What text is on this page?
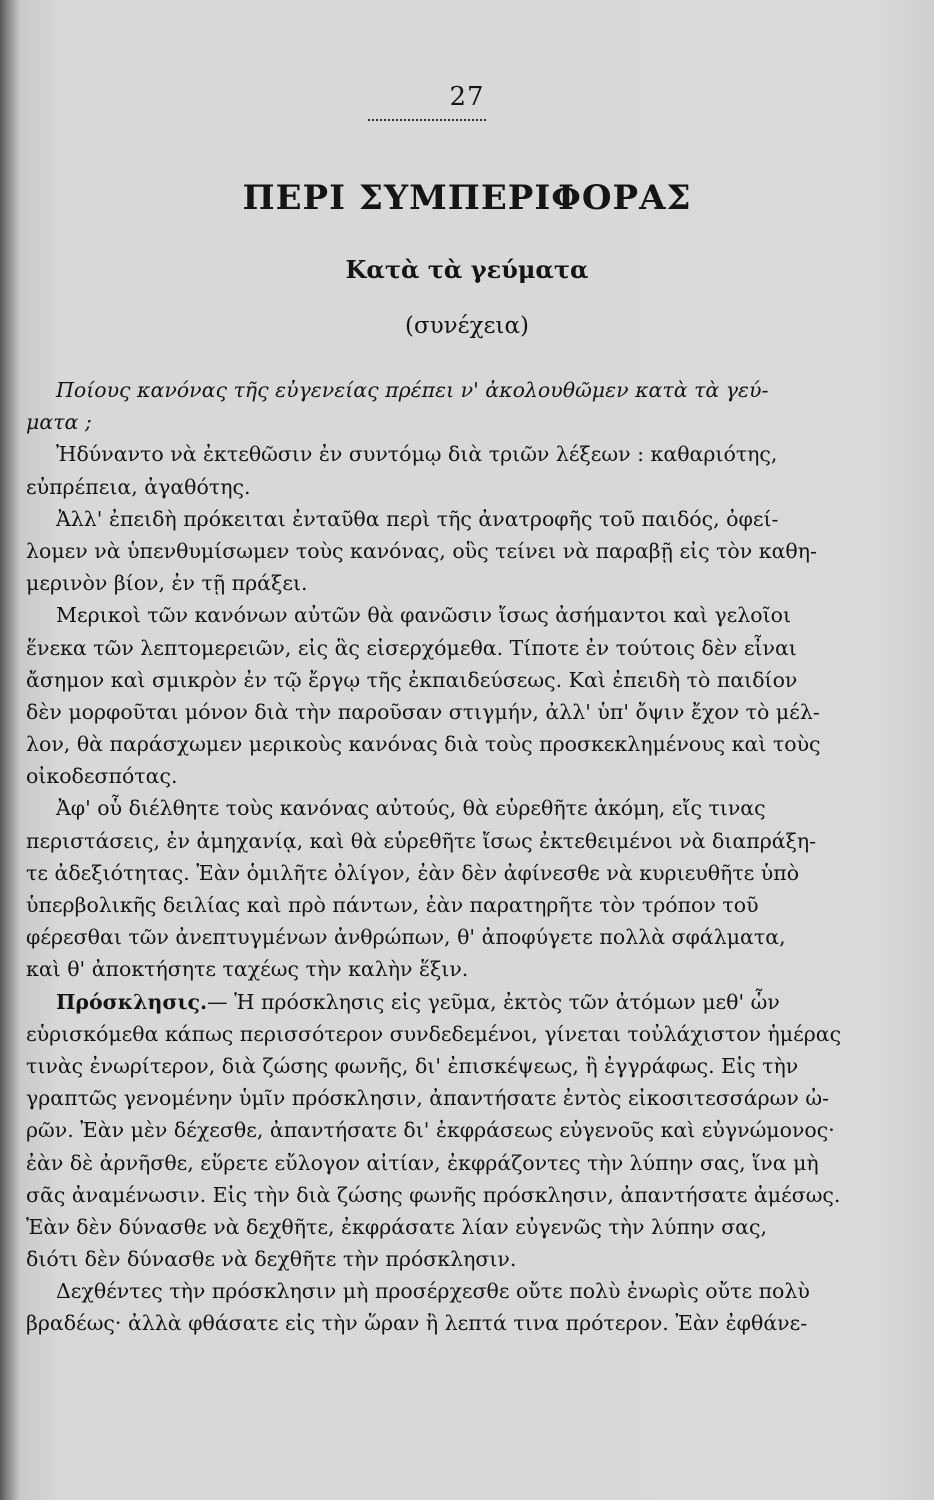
27
ΠΕΡΙ ΣΥΜΠΕΡΙΦΟΡΑΣ
Κατὰ τὰ γεύματα
(συνέχεια)
Ποίους κανόνας τῆς εὐγενείας πρέπει ν' ἀκολουθῶμεν κατὰ τὰ γεύ-
ματα ;
Ἠδύναντο νὰ ἐκτεθῶσιν ἐν συντόμῳ διὰ τριῶν λέξεων : καθαριότης,
εὐπρέπεια, ἀγαθότης.
Ἀλλ' ἐπειδὴ πρόκειται ἐνταῦθα περὶ τῆς ἀνατροφῆς τοῦ παιδός, ὀφεί-
λομεν νὰ ὑπενθυμίσωμεν τοὺς κανόνας, οὓς τείνει νὰ παραβῇ εἰς τὸν καθη-
μερινὸν βίον, ἐν τῇ πράξει.
Μερικοὶ τῶν κανόνων αὐτῶν θὰ φανῶσιν ἴσως ἀσήμαντοι καὶ γελοῖοι
ἕνεκα τῶν λεπτομερειῶν, εἰς ἃς εἰσερχόμεθα. Τίποτε ἐν τούτοις δὲν εἶναι
ἄσημον καὶ σμικρὸν ἐν τῷ ἔργῳ τῆς ἐκπαιδεύσεως. Καὶ ἐπειδὴ τὸ παιδίον
δὲν μορφοῦται μόνον διὰ τὴν παροῦσαν στιγμήν, ἀλλ' ὑπ' ὄψιν ἔχον τὸ μέλ-
λον, θὰ παράσχωμεν μερικοὺς κανόνας διὰ τοὺς προσκεκλημένους καὶ τοὺς
οἰκοδεσπότας.
Ἀφ' οὗ διέλθητε τοὺς κανόνας αὐτούς, θὰ εὑρεθῆτε ἀκόμη, εἴς τινας
περιστάσεις, ἐν ἀμηχανίᾳ, καὶ θὰ εὑρεθῆτε ἴσως ἐκτεθειμένοι νὰ διαπράξη-
τε ἀδεξιότητας. Ἐὰν ὁμιλῆτε ὀλίγον, ἐὰν δὲν ἀφίνεσθε νὰ κυριευθῆτε ὑπὸ
ὑπερβολικῆς δειλίας καὶ πρὸ πάντων, ἐὰν παρατηρῆτε τὸν τρόπον τοῦ
φέρεσθαι τῶν ἀνεπτυγμένων ἀνθρώπων, θ' ἀποφύγετε πολλὰ σφάλματα,
καὶ θ' ἀποκτήσητε ταχέως τὴν καλὴν ἕξιν.
Πρόσκλησις.— Ἡ πρόσκλησις εἰς γεῦμα, ἐκτὸς τῶν ἀτόμων μεθ' ὧν
εὑρισκόμεθα κάπως περισσότερον συνδεδεμένοι, γίνεται τοὐλάχιστον ἡμέρας
τινὰς ἐνωρίτερον, διὰ ζώσης φωνῆς, δι' ἐπισκέψεως, ἢ ἐγγράφως. Εἰς τὴν
γραπτῶς γενομένην ὑμῖν πρόσκλησιν, ἀπαντήσατε ἐντὸς εἰκοσιτεσσάρων ὠ-
ρῶν. Ἐὰν μὲν δέχεσθε, ἀπαντήσατε δι' ἐκφράσεως εὐγενοῦς καὶ εὐγνώμονος·
ἐὰν δὲ ἀρνῆσθε, εὕρετε εὔλογον αἰτίαν, ἐκφράζοντες τὴν λύπην σας, ἵνα μὴ
σᾶς ἀναμένωσιν. Εἰς τὴν διὰ ζώσης φωνῆς πρόσκλησιν, ἀπαντήσατε ἀμέσως.
Ἐὰν δὲν δύνασθε νὰ δεχθῆτε, ἐκφράσατε λίαν εὐγενῶς τὴν λύπην σας,
διότι δὲν δύνασθε νὰ δεχθῆτε τὴν πρόσκλησιν.
Δεχθέντες τὴν πρόσκλησιν μὴ προσέρχεσθε οὔτε πολὺ ἐνωρὶς οὔτε πολὺ
βραδέως· ἀλλὰ φθάσατε εἰς τὴν ὥραν ἢ λεπτά τινα πρότερον. Ἐὰν ἐφθάνε-
